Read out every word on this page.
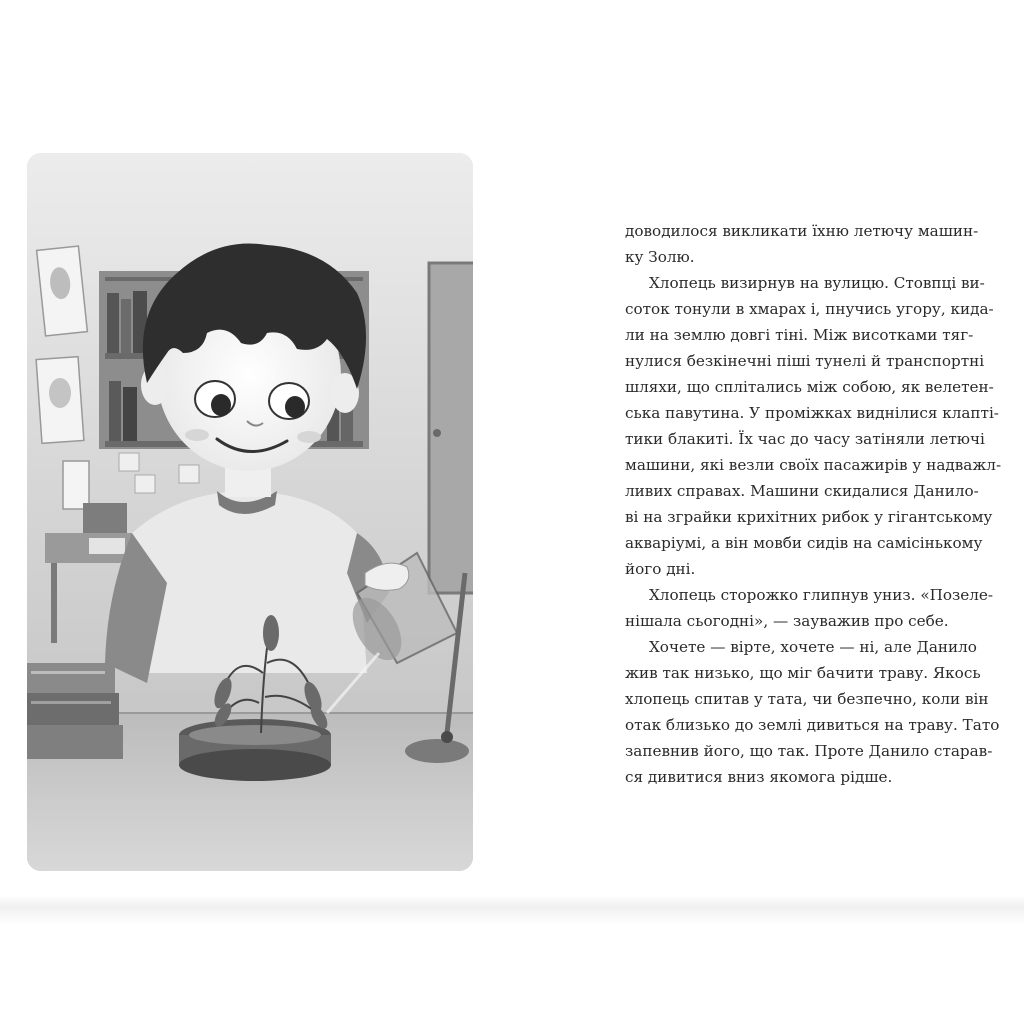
доводилося викликати їхню летючу машин-
ку Золю.

Хлопець визирнув на вулицю. Стовпці ви-
соток тонули в хмарах і, пнучись угору, кида-
ли на землю довгі тіні. Між висотками тяг-
нулися безкінечні піші тунелі й транспортні
шляхи, що сплітались між собою, як велетен-
ська павутина. У проміжках виднілися клапті-
тики блакиті. Їх час до часу затіняли летючі
машини, які везли своїх пасажирів у надважл-
ливих справах. Машини скидалися Данило-
ві на зграйки крихітних рибок у гігантському
акваріумі, а він мовби сидів на самісінькому
його дні.

Хлопець сторожко глипнув униз. «Позеле-
нішала сьогодні», — зауважив про себе.

Хочете — вірте, хочете — ні, але Данило
жив так низько, що міг бачити траву. Якось
хлопець спитав у тата, чи безпечно, коли він
отак близько до землі дивиться на траву. Тато
запевнив його, що так. Проте Данило старав-
ся дивитися вниз якомога рідше.
